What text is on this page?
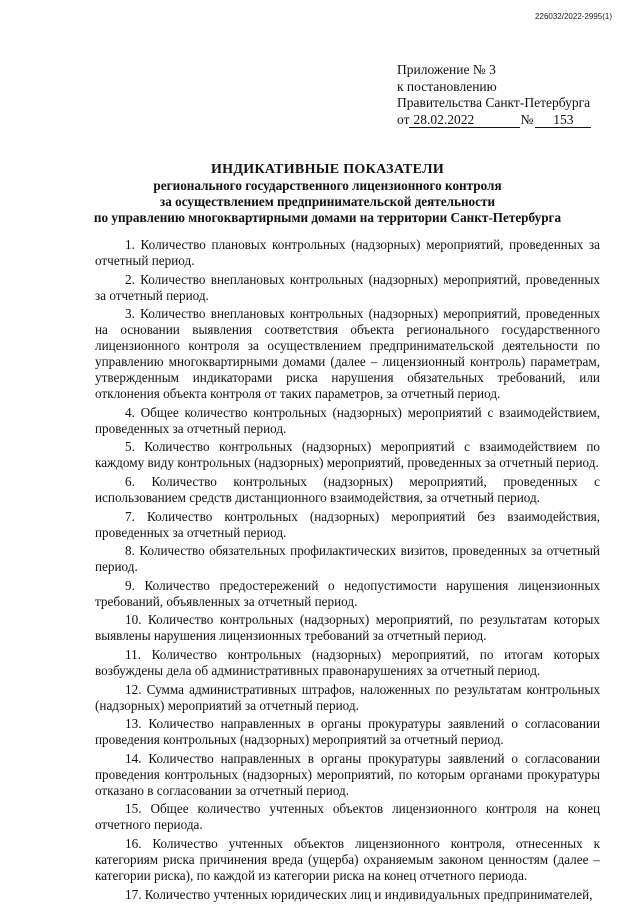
226032/2022-2995(1)
Приложение № 3
к постановлению
Правительства Санкт-Петербурга
от 28.02.2022	№ 153
ИНДИКАТИВНЫЕ ПОКАЗАТЕЛИ
регионального государственного лицензионного контроля
за осуществлением предпринимательской деятельности
по управлению многоквартирными домами на территории Санкт-Петербурга

1. Количество плановых контрольных (надзорных) мероприятий, проведенных за отчетный период.

2. Количество внеплановых контрольных (надзорных) мероприятий, проведенных за отчетный период.

3. Количество внеплановых контрольных (надзорных) мероприятий, проведенных на основании выявления соответствия объекта регионального государственного лицензионного контроля за осуществлением предпринимательской деятельности по управлению многоквартирными домами (далее – лицензионный контроль) параметрам, утвержденным индикаторами риска нарушения обязательных требований, или отклонения объекта контроля от таких параметров, за отчетный период.

4. Общее количество контрольных (надзорных) мероприятий с взаимодействием, проведенных за отчетный период.

5. Количество контрольных (надзорных) мероприятий с взаимодействием по каждому виду контрольных (надзорных) мероприятий, проведенных за отчетный период.

6. Количество контрольных (надзорных) мероприятий, проведенных с использованием средств дистанционного взаимодействия, за отчетный период.

7. Количество контрольных (надзорных) мероприятий без взаимодействия, проведенных за отчетный период.

8. Количество обязательных профилактических визитов, проведенных за отчетный период.

9. Количество предостережений о недопустимости нарушения лицензионных требований, объявленных за отчетный период.

10. Количество контрольных (надзорных) мероприятий, по результатам которых выявлены нарушения лицензионных требований за отчетный период.

11. Количество контрольных (надзорных) мероприятий, по итогам которых возбуждены дела об административных правонарушениях за отчетный период.

12. Сумма административных штрафов, наложенных по результатам контрольных (надзорных) мероприятий за отчетный период.

13. Количество направленных в органы прокуратуры заявлений о согласовании проведения контрольных (надзорных) мероприятий за отчетный период.

14. Количество направленных в органы прокуратуры заявлений о согласовании проведения контрольных (надзорных) мероприятий, по которым органами прокуратуры отказано в согласовании за отчетный период.

15. Общее количество учтенных объектов лицензионного контроля на конец отчетного периода.

16. Количество учтенных объектов лицензионного контроля, отнесенных к категориям риска причинения вреда (ущерба) охраняемым законом ценностям (далее – категории риска), по каждой из категории риска на конец отчетного периода.

17. Количество учтенных юридических лиц и индивидуальных предпринимателей,
